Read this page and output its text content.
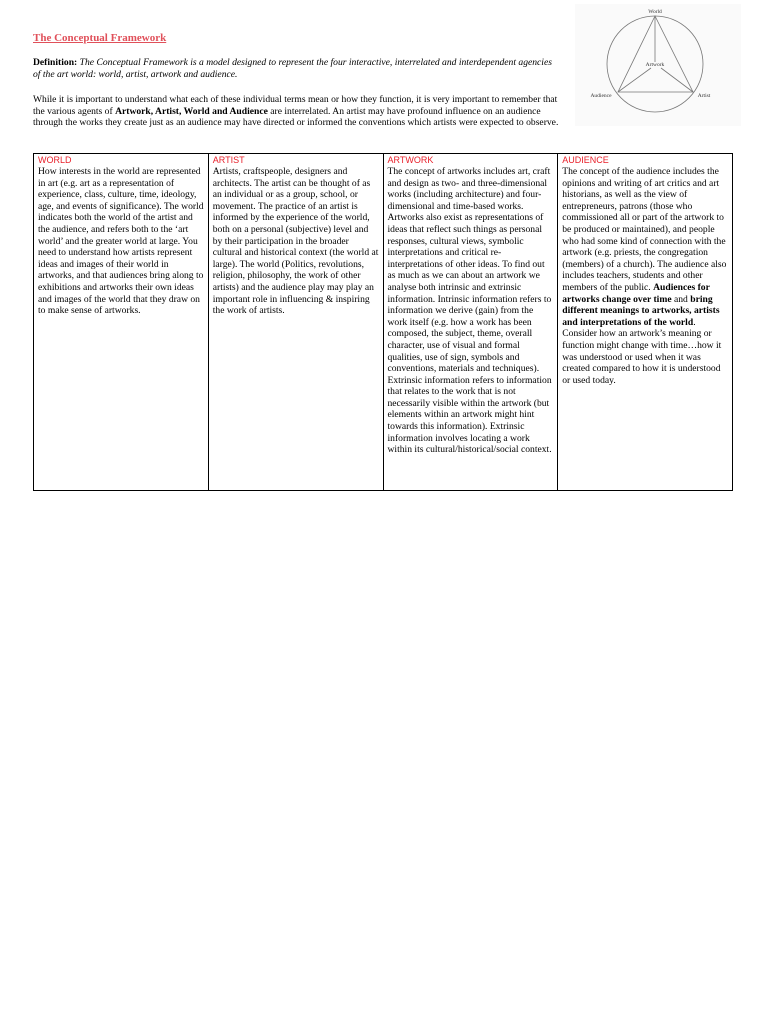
The Conceptual Framework
Definition: The Conceptual Framework is a model designed to represent the four interactive, interrelated and interdependent agencies of the art world: world, artist, artwork and audience.
While it is important to understand what each of these individual terms mean or how they function, it is very important to remember that the various agents of Artwork, Artist, World and Audience are interrelated. An artist may have profound influence on an audience through the works they create just as an audience may have directed or informed the conventions which artists were expected to observe.
World
Artwork
Audience	Artist
WORLD
How interests in the world are represented in art (e.g. art as a representation of experience, class, culture, time, ideology, age, and events of significance). The world indicates both the world of the artist and the audience, and refers both to the ‘art world’ and the greater world at large. You need to understand how artists represent ideas and images of their world in artworks, and that audiences bring along to exhibitions and artworks their own ideas and images of the world that they draw on to make sense of artworks.	
ARTIST
Artists, craftspeople, designers and architects. The artist can be thought of as an individual or as a group, school, or movement. The practice of an artist is informed by the experience of the world, both on a personal (subjective) level and by their participation in the broader cultural and historical context (the world at large). The world (Politics, revolutions, religion, philosophy, the work of other artists) and the audience play may play an important role in influencing & inspiring the work of artists.	
ARTWORK
The concept of artworks includes art, craft and design as two- and three-dimensional works (including architecture) and four-dimensional and time-based works. Artworks also exist as representations of ideas that reflect such things as personal responses, cultural views, symbolic interpretations and critical re-interpretations of other ideas. To find out as much as we can about an artwork we analyse both intrinsic and extrinsic information. Intrinsic information refers to information we derive (gain) from the work itself (e.g. how a work has been composed, the subject, theme, overall character, use of visual and formal qualities, use of sign, symbols and conventions, materials and techniques). Extrinsic information refers to information that relates to the work that is not necessarily visible within the artwork (but elements within an artwork might hint towards this information). Extrinsic information involves locating a work within its cultural/historical/social context.	
AUDIENCE
The concept of the audience includes the opinions and writing of art critics and art historians, as well as the view of entrepreneurs, patrons (those who commissioned all or part of the artwork to be produced or maintained), and people who had some kind of connection with the artwork (e.g. priests, the congregation (members) of a church). The audience also includes teachers, students and other members of the public. Audiences for artworks change over time and bring different meanings to artworks, artists and interpretations of the world. Consider how an artwork’s meaning or function might change with time…how it was understood or used when it was created compared to how it is understood or used today.
